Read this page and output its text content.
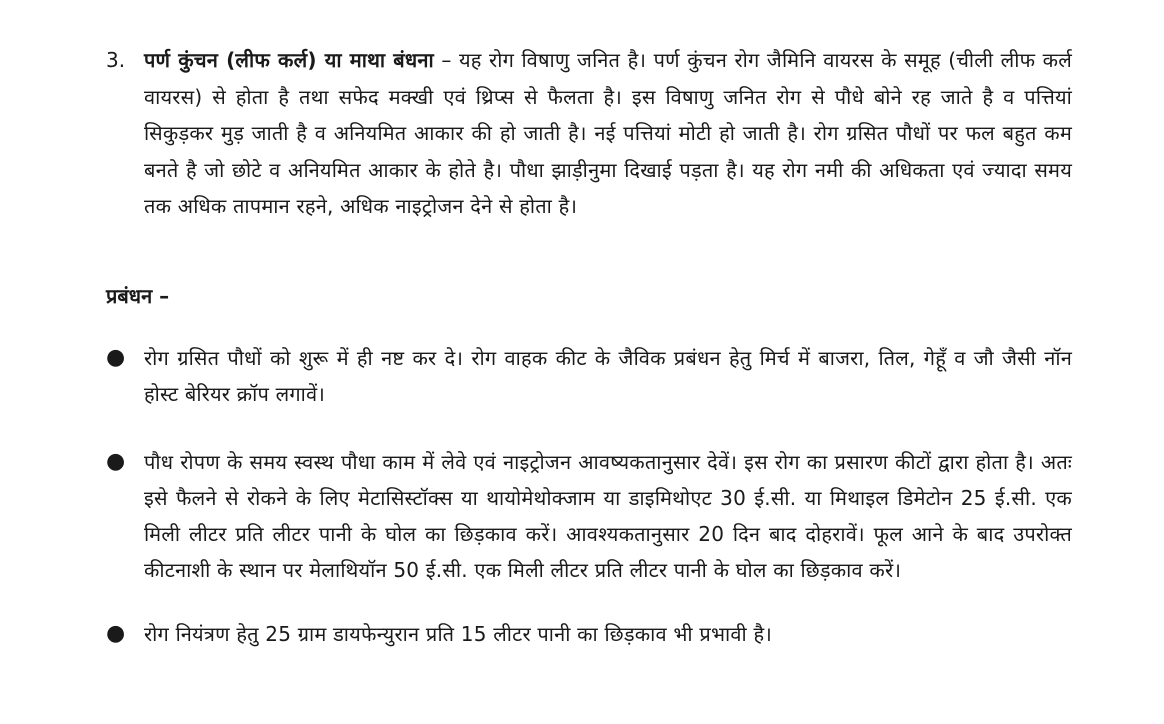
3. पर्ण कुंचन (लीफ कर्ल) या माथा बंधना – यह रोग विषाणु जनित है। पर्ण कुंचन रोग जैमिनि वायरस के समूह (चीली लीफ कर्ल वायरस) से होता है तथा सफेद मक्खी एवं थ्रिप्स से फैलता है। इस विषाणु जनित रोग से पौधे बोने रह जाते है व पत्तियां सिकुड़कर मुड़ जाती है व अनियमित आकार की हो जाती है। नई पत्तियां मोटी हो जाती है। रोग ग्रसित पौधों पर फल बहुत कम बनते है जो छोटे व अनियमित आकार के होते है। पौधा झाड़ीनुमा दिखाई पड़ता है। यह रोग नमी की अधिकता एवं ज्यादा समय तक अधिक तापमान रहने, अधिक नाइट्रोजन देने से होता है।
प्रबंधन –
● रोग ग्रसित पौधों को शुरू में ही नष्ट कर दे। रोग वाहक कीट के जैविक प्रबंधन हेतु मिर्च में बाजरा, तिल, गेहूँ व जौ जैसी नॉन होस्ट बेरियर क्रॉप लगावें।
● पौध रोपण के समय स्वस्थ पौधा काम में लेवे एवं नाइट्रोजन आवष्यकतानुसार देवें। इस रोग का प्रसारण कीटों द्वारा होता है। अतः इसे फैलने से रोकने के लिए मेटासिस्टॉक्स या थायोमेथोक्जाम या डाइमिथोएट 30 ई.सी. या मिथाइल डिमेटोन 25 ई.सी. एक मिली लीटर प्रति लीटर पानी के घोल का छिड़काव करें। आवश्यकतानुसार 20 दिन बाद दोहरावें। फूल आने के बाद उपरोक्त कीटनाशी के स्थान पर मेलाथियॉन 50 ई.सी. एक मिली लीटर प्रति लीटर पानी के घोल का छिड़काव करें।
● रोग नियंत्रण हेतु 25 ग्राम डायफेन्युरान प्रति 15 लीटर पानी का छिड़काव भी प्रभावी है।
